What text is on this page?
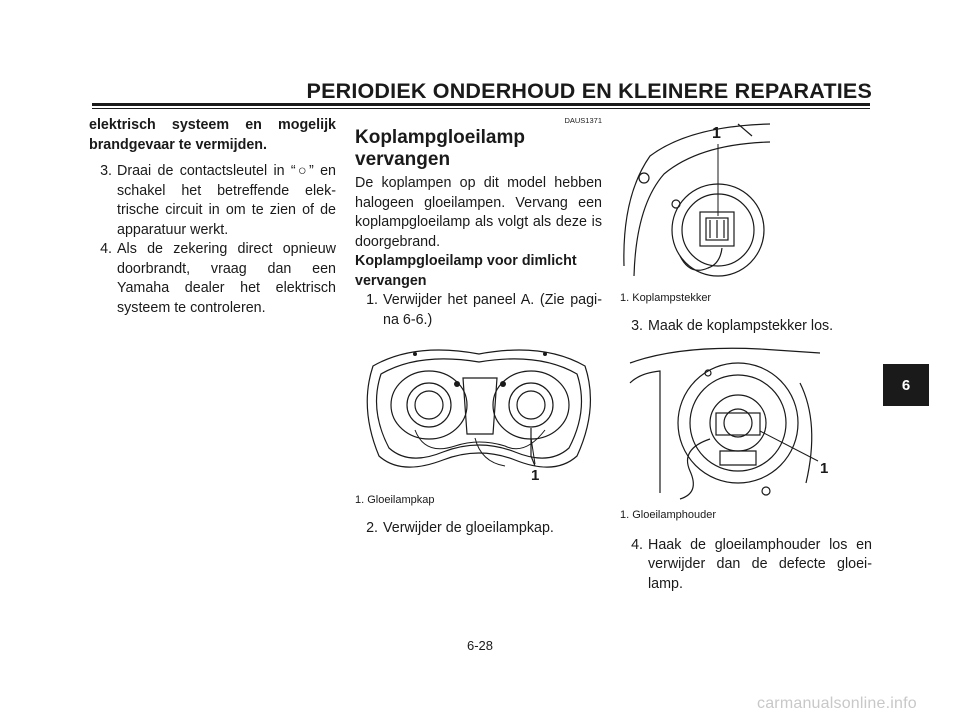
PERIODIEK ONDERHOUD EN KLEINERE REPARATIES

elektrisch systeem en mogelijk brandgevaar te vermijden.

3. Draai de contactsleutel in “○” en schakel het betreffende elek-trische circuit in om te zien of de apparatuur werkt.
4. Als de zekering direct opnieuw doorbrandt, vraag dan een Yamaha dealer het elektrisch systeem te controleren.
DAUS1371
Koplampgloeilamp vervangen

De koplampen op dit model hebben halogeen gloeilampen. Vervang een koplampgloeilamp als volgt als deze is doorgebrand.

Koplampgloeilamp voor dimlicht vervangen

1. Verwijder het paneel A. (Zie pagi-na 6-6.)
1
1. Gloeilampkap
2. Verwijder de gloeilampkap.
1
1. Koplampstekker
3. Maak de koplampstekker los.
1
1. Gloeilamphouder
4. Haak de gloeilamphouder los en verwijder dan de defecte gloei-lamp.
6
6-28
carmanualsonline.info
